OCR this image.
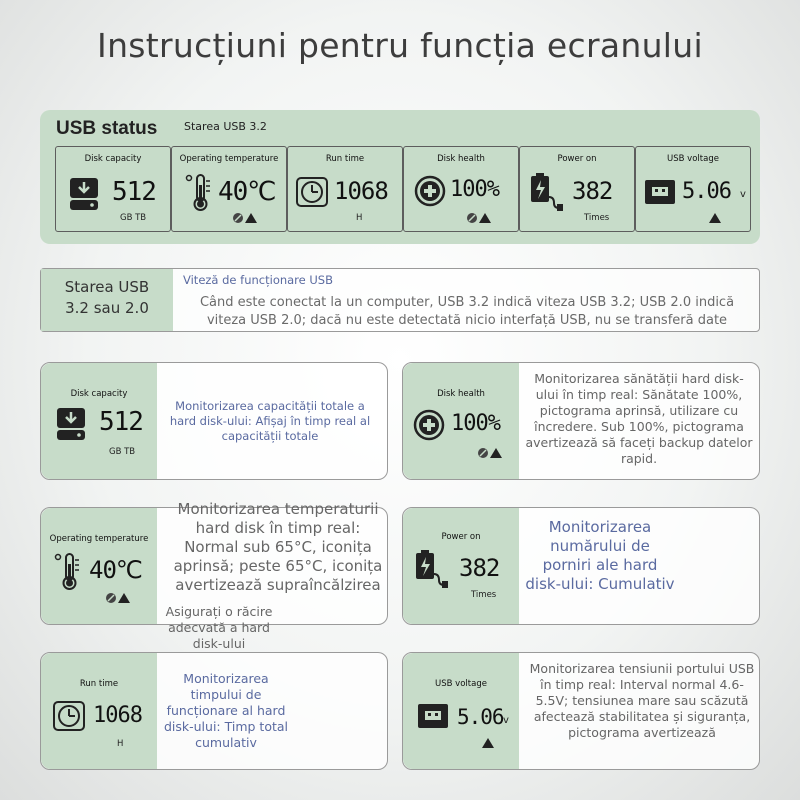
Instrucțiuni pentru funcția ecranului
USB status Starea USB 3.2
Disk capacity
512
GB TB
Operating temperature
40℃
Run time
1068
H
Disk health
100%
Power on
382
Times
USB voltage
5.06 v
Starea USB 3.2 sau 2.0
Viteză de funcționare USB
Când este conectat la un computer, USB 3.2 indică viteza USB 3.2; USB 2.0 indică viteza USB 2.0; dacă nu este detectată nicio interfață USB, nu se transferă date
Disk capacity
512
GB TB
Monitorizarea capacității totale a hard disk-ului: Afișaj în timp real al capacității totale
Disk health
100%
Monitorizarea sănătății hard disk-ului în timp real: Sănătate 100%, pictograma aprinsă, utilizare cu încredere. Sub 100%, pictograma avertizează să faceți backup datelor rapid.
Operating temperature
40℃
Monitorizarea temperaturii hard disk în timp real: Normal sub 65°C, iconița aprinsă; peste 65°C, iconița avertizează supraîncălzirea
Asigurați o răcire adecvată a hard disk-ului
Power on
382
Times
Monitorizarea numărului de porniri ale hard disk-ului: Cumulativ
Run time
1068
H
Monitorizarea timpului de funcționare al hard disk-ului: Timp total cumulativ
USB voltage
5.06 v
Monitorizarea tensiunii portului USB în timp real: Interval normal 4.6-5.5V; tensiunea mare sau scăzută afectează stabilitatea și siguranța, pictograma avertizează
